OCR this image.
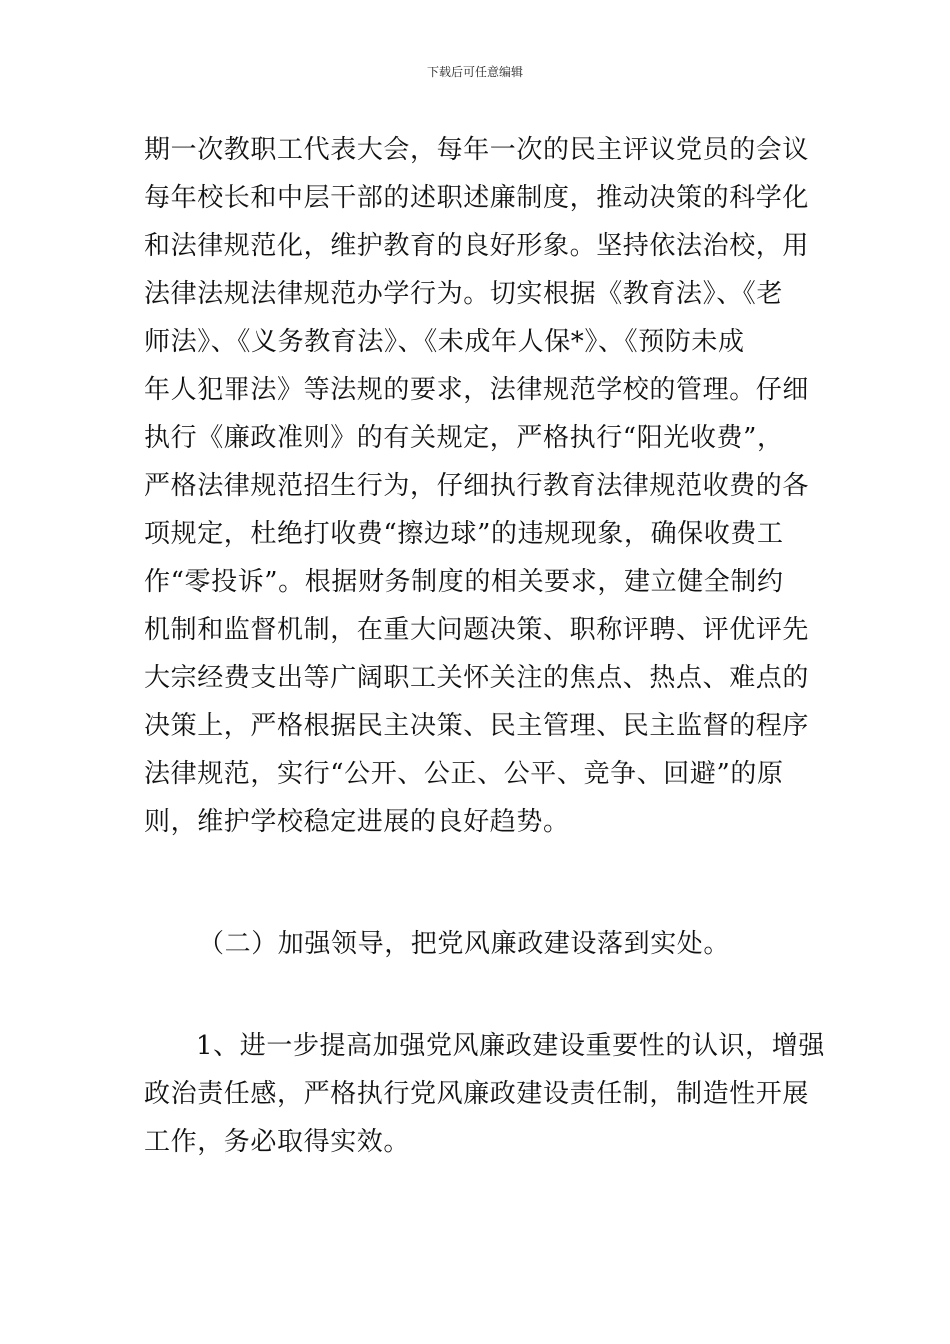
下载后可任意编辑
期一次教职工代表大会，每年一次的民主评议党员的会议
每年校长和中层干部的述职述廉制度，推动决策的科学化
和法律规范化，维护教育的良好形象。坚持依法治校，用
法律法规法律规范办学行为。切实根据《教育法》、《老
师法》、《义务教育法》、《未成年人保*》、《预防未成
年人犯罪法》等法规的要求，法律规范学校的管理。仔细
执行《廉政准则》的有关规定，严格执行“阳光收费”，
严格法律规范招生行为，仔细执行教育法律规范收费的各
项规定，杜绝打收费“擦边球”的违规现象，确保收费工
作“零投诉”。根据财务制度的相关要求，建立健全制约
机制和监督机制，在重大问题决策、职称评聘、评优评先
大宗经费支出等广阔职工关怀关注的焦点、热点、难点的
决策上，严格根据民主决策、民主管理、民主监督的程序
法律规范，实行“公开、公正、公平、竞争、回避”的原
则，维护学校稳定进展的良好趋势。
（二）加强领导，把党风廉政建设落到实处。
1、进一步提高加强党风廉政建设重要性的认识，增强
政治责任感，严格执行党风廉政建设责任制，制造性开展
工作，务必取得实效。
